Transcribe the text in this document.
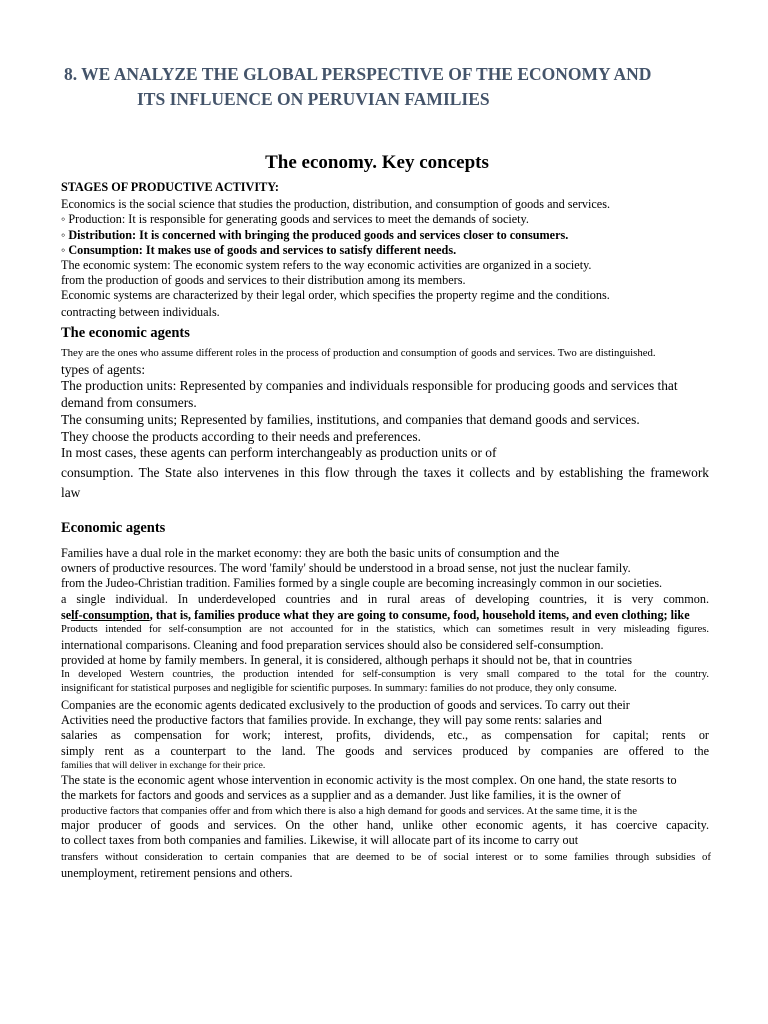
8. WE ANALYZE THE GLOBAL PERSPECTIVE OF THE ECONOMY AND
ITS INFLUENCE ON PERUVIAN FAMILIES
The economy. Key concepts
STAGES OF PRODUCTIVE ACTIVITY:
Economics is the social science that studies the production, distribution, and consumption of goods and services.
◦ Production: It is responsible for generating goods and services to meet the demands of society.
◦ Distribution: It is concerned with bringing the produced goods and services closer to consumers.
◦ Consumption: It makes use of goods and services to satisfy different needs.
The economic system: The economic system refers to the way economic activities are organized in a society.
from the production of goods and services to their distribution among its members.
Economic systems are characterized by their legal order, which specifies the property regime and the conditions.
contracting between individuals.
The economic agents
They are the ones who assume different roles in the process of production and consumption of goods and services. Two are distinguished.
types of agents:
The production units: Represented by companies and individuals responsible for producing goods and services that
demand from consumers.
The consuming units; Represented by families, institutions, and companies that demand goods and services.
They choose the products according to their needs and preferences.
In most cases, these agents can perform interchangeably as production units or of
consumption. The State also intervenes in this flow through the taxes it collects and by establishing the framework
law
Economic agents
Families have a dual role in the market economy: they are both the basic units of consumption and the
owners of productive resources. The word 'family' should be understood in a broad sense, not just the nuclear family.
from the Judeo-Christian tradition. Families formed by a single couple are becoming increasingly common in our societies.
a single individual. In underdeveloped countries and in rural areas of developing countries, it is very common.
self-consumption, that is, families produce what they are going to consume, food, household items, and even clothing; like
Products intended for self-consumption are not accounted for in the statistics, which can sometimes result in very misleading figures.
international comparisons. Cleaning and food preparation services should also be considered self-consumption.
provided at home by family members. In general, it is considered, although perhaps it should not be, that in countries
In developed Western countries, the production intended for self-consumption is very small compared to the total for the country.
insignificant for statistical purposes and negligible for scientific purposes. In summary: families do not produce, they only consume.
Companies are the economic agents dedicated exclusively to the production of goods and services. To carry out their
Activities need the productive factors that families provide. In exchange, they will pay some rents: salaries and
salaries as compensation for work; interest, profits, dividends, etc., as compensation for capital; rents or
simply rent as a counterpart to the land. The goods and services produced by companies are offered to the
families that will deliver in exchange for their price.
The state is the economic agent whose intervention in economic activity is the most complex. On one hand, the state resorts to
the markets for factors and goods and services as a supplier and as a demander. Just like families, it is the owner of
productive factors that companies offer and from which there is also a high demand for goods and services. At the same time, it is the
major producer of goods and services. On the other hand, unlike other economic agents, it has coercive capacity.
to collect taxes from both companies and families. Likewise, it will allocate part of its income to carry out
transfers without consideration to certain companies that are deemed to be of social interest or to some families through subsidies of
unemployment, retirement pensions and others.
